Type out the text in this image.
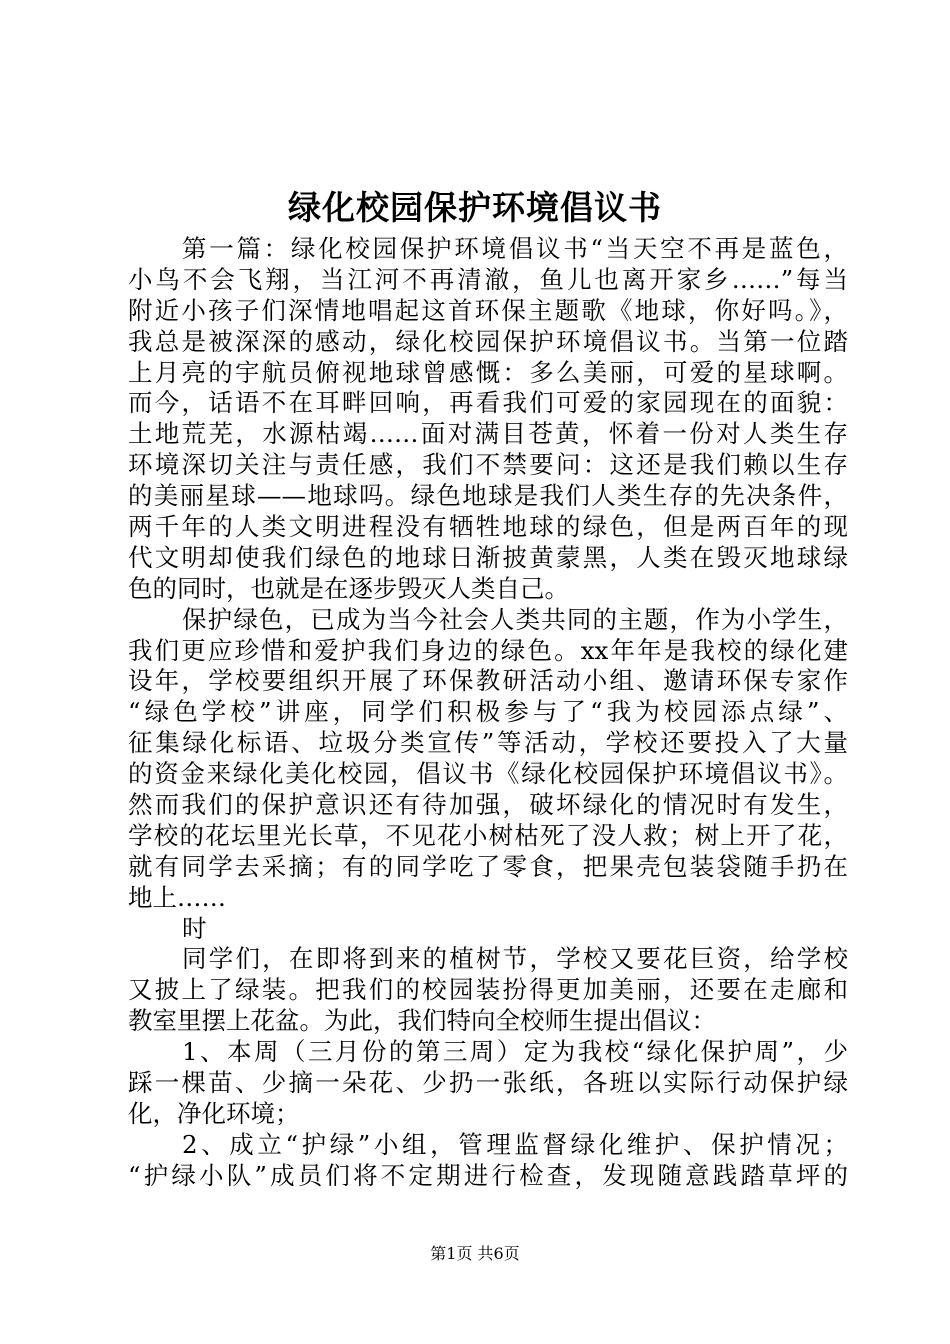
绿化校园保护环境倡议书

第一篇：绿化校园保护环境倡议书“当天空不再是蓝色，

小鸟不会飞翔，当江河不再清澈，鱼儿也离开家乡……”每当

附近小孩子们深情地唱起这首环保主题歌《地球，你好吗。》，

我总是被深深的感动，绿化校园保护环境倡议书。当第一位踏

上月亮的宇航员俯视地球曾感慨：多么美丽，可爱的星球啊。

而今，话语不在耳畔回响，再看我们可爱的家园现在的面貌：

土地荒芜，水源枯竭……面对满目苍黄，怀着一份对人类生存

环境深切关注与责任感，我们不禁要问：这还是我们赖以生存

的美丽星球——地球吗。绿色地球是我们人类生存的先决条件，

两千年的人类文明进程没有牺牲地球的绿色，但是两百年的现

代文明却使我们绿色的地球日渐披黄蒙黑，人类在毁灭地球绿

色的同时，也就是在逐步毁灭人类自己。

保护绿色，已成为当今社会人类共同的主题，作为小学生，

我们更应珍惜和爱护我们身边的绿色。xx年年是我校的绿化建

设年，学校要组织开展了环保教研活动小组、邀请环保专家作

“绿色学校”讲座，同学们积极参与了“我为校园添点绿”、

征集绿化标语、垃圾分类宣传”等活动，学校还要投入了大量

的资金来绿化美化校园，倡议书《绿化校园保护环境倡议书》。

然而我们的保护意识还有待加强，破坏绿化的情况时有发生，

学校的花坛里光长草，不见花小树枯死了没人救；树上开了花，

就有同学去采摘；有的同学吃了零食，把果壳包装袋随手扔在

地上……

时

同学们，在即将到来的植树节，学校又要花巨资，给学校

又披上了绿装。把我们的校园装扮得更加美丽，还要在走廊和

教室里摆上花盆。为此，我们特向全校师生提出倡议：

1、本周（三月份的第三周）定为我校“绿化保护周”，少

踩一棵苗、少摘一朵花、少扔一张纸，各班以实际行动保护绿

化，净化环境；

2、成立“护绿”小组，管理监督绿化维护、保护情况；

“护绿小队”成员们将不定期进行检查，发现随意践踏草坪的

第1页 共6页
